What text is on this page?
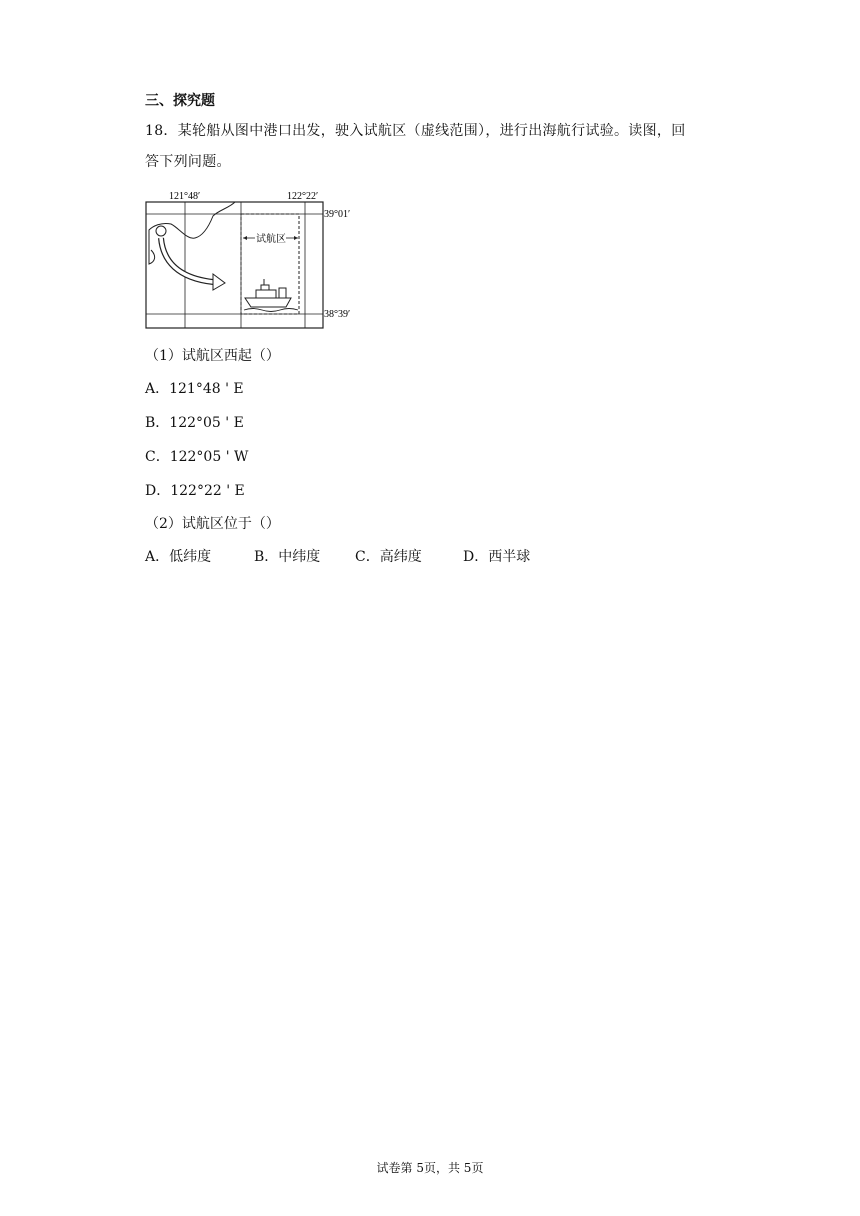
三、探究题
18．某轮船从图中港口出发，驶入试航区（虚线范围），进行出海航行试验。读图，回
答下列问题。
121°48′	122°22′
39°01′
38°39′
试航区
（1）试航区西起（）
A．121°48 ' E
B．122°05 ' E
C．122°05 ' W
D．122°22 ' E
（2）试航区位于（）
A．低纬度	B．中纬度 C．高纬度	D．西半球
试卷第 5页，共 5页
